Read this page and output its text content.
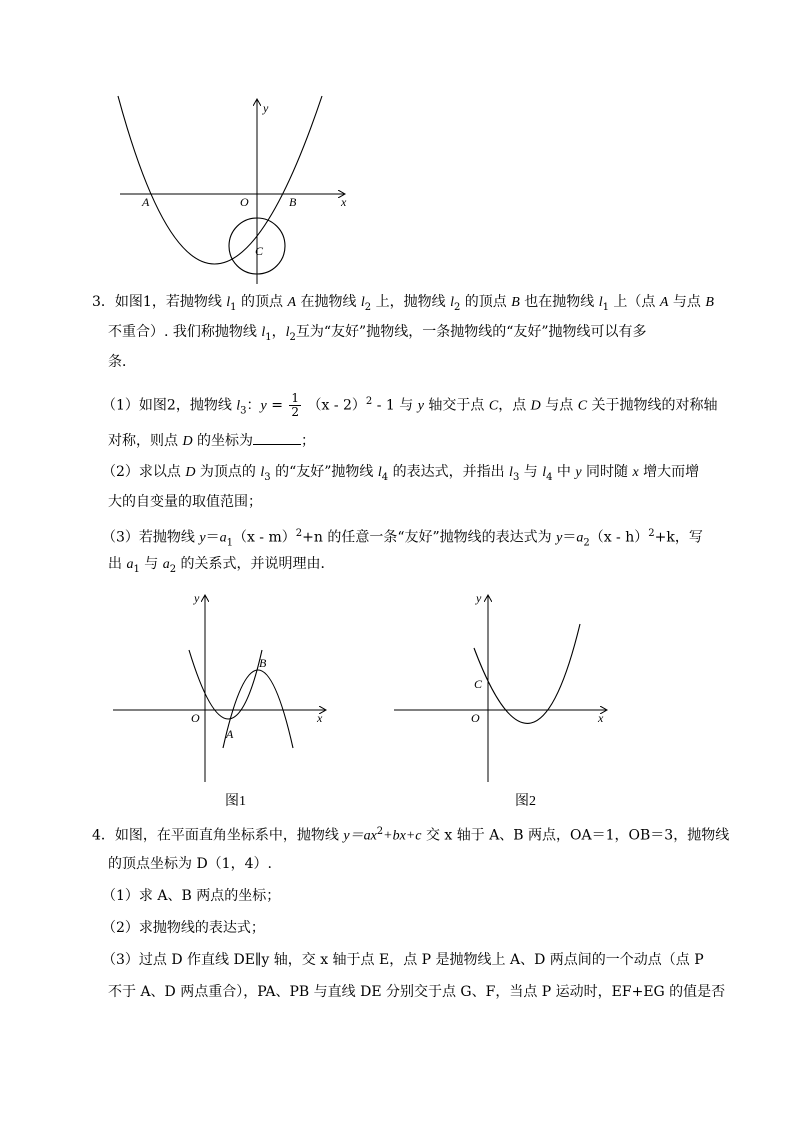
y
x
O
A	B
C
3．如图1，若抛物线 $l_1$ 的顶点 A 在抛物线 $l_2$ 上，抛物线 $l_2$ 的顶点 B 也在抛物线 $l_1$ 上（点 A 与点 B
不重合）. 我们称抛物线 $l_1$，$l_2$互为“友好”抛物线，一条抛物线的“友好”抛物线可以有多
条．
（1）如图2，抛物线 $l_3$：$y = \frac{1}{2} (x - 2)^2 - 1$ 与 y 轴交于点 C，点 D 与点 C 关于抛物线的对称轴
对称，则点 D 的坐标为	；
（2）求以点 D 为顶点的 $l_3$ 的“友好”抛物线 $l_4$ 的表达式，并指出 $l_3$ 与 $l_4$ 中 y 同时随 x 增大而增
大的自变量的取值范围；
（3）若抛物线 $y=a_1(x - m)^2+n$ 的任意一条“友好”抛物线的表达式为 $y=a_2(x - h)^2+k$，写
出 $a_1$ 与 $a_2$ 的关系式，并说明理由．
y
x
O
A
B
图1
y
x
O
C
图2
4．如图，在平面直角坐标系中，抛物线 $y=ax^2+bx+c$ 交 x 轴于 A、B 两点，OA＝1，OB＝3，抛物线
的顶点坐标为 D（1，4）.
（1）求 A、B 两点的坐标；
（2）求抛物线的表达式；
（3）过点 D 作直线 DE∥y 轴，交 x 轴于点 E，点 P 是抛物线上 A、D 两点间的一个动点（点 P
不于 A、D 两点重合），PA、PB 与直线 DE 分别交于点 G、F，当点 P 运动时，EF+EG 的值是否
